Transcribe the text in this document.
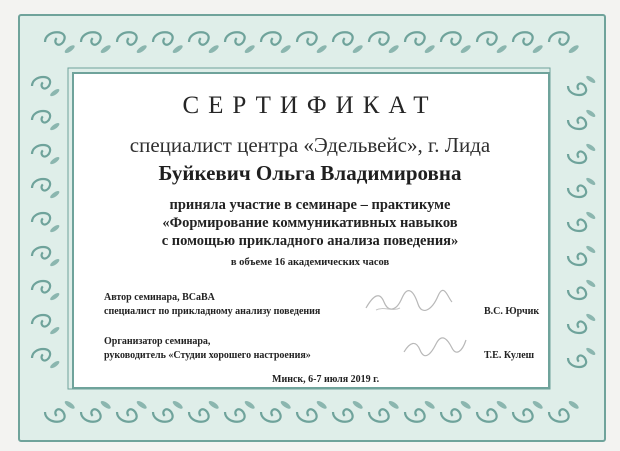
СЕРТИФИКАТ
специалист центра «Эдельвейс», г. Лида
Буйкевич Ольга Владимировна
приняла участие в семинаре – практикуме
«Формирование коммуникативных навыков
с помощью прикладного анализа поведения»
в объеме 16 академических часов
Автор семинара, BCaBA
специалист по прикладному анализу поведения	В.С. Юрчик
Организатор семинара,
руководитель «Студии хорошего настроения»	Т.Е. Кулеш
Минск, 6-7 июля 2019 г.
